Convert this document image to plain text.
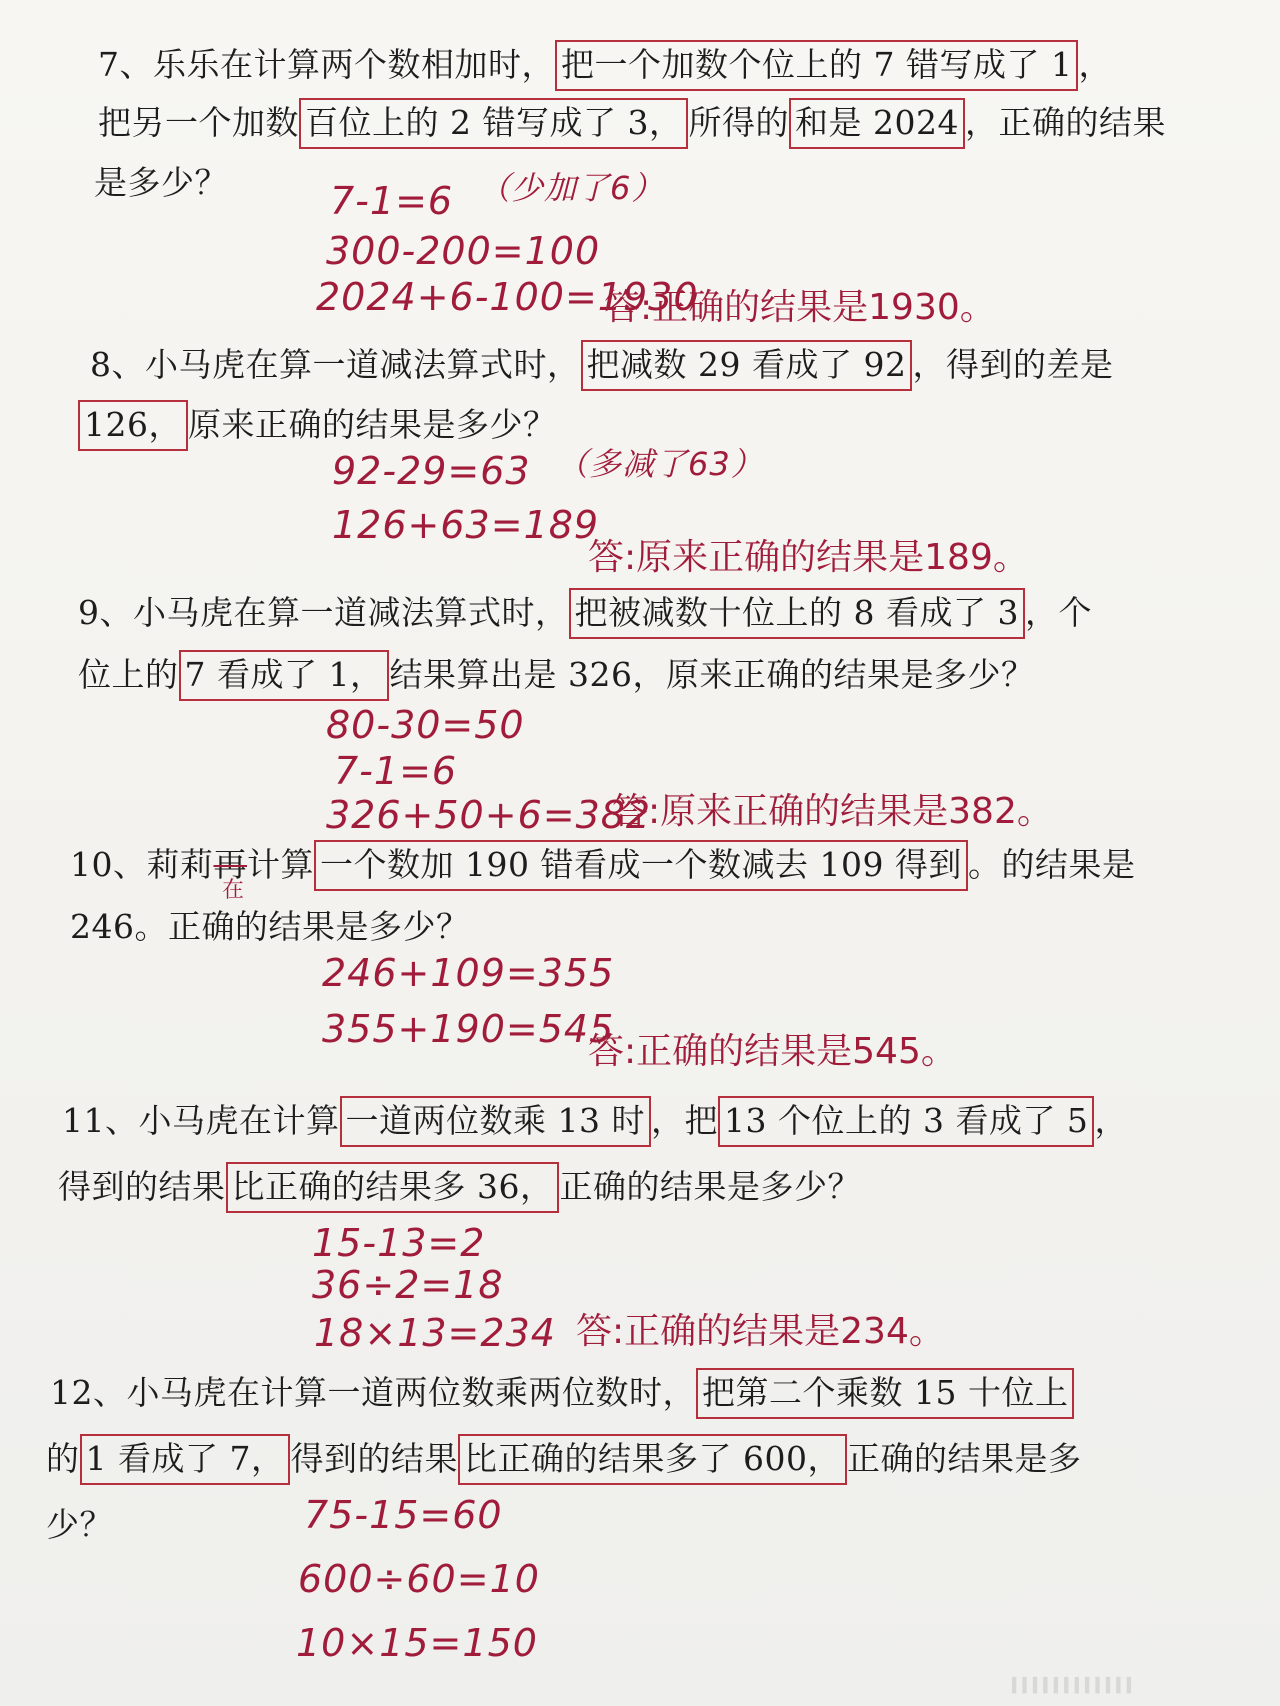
7、乐乐在计算两个数相加时， 把一个加数个位上的 7 错写成了 1 ，
把另一个加数 百位上的 2 错写成了 3， 所得的 和是 2024 ，正确的结果
是多少？	7-1=6 （少加了6）
300-200=100
2024+6-100=1930
答:正确的结果是1930。
8、小马虎在算一道减法算式时， 把减数 29 看成了 92 ，得到的差是
126， 原来正确的结果是多少？
92-29=63 （多减了63）
126+63=189
答:原来正确的结果是189。
9、小马虎在算一道减法算式时， 把被减数十位上的 8 看成了 3 ，个
位上的 7 看成了 1， 结果算出是 326，原来正确的结果是多少？
80-30=50
7-1=6
326+50+6=382
答:原来正确的结果是382。
10、莉莉再计算 一个数加 190 错看成一个数减去 109 得到 。的结果是
在
246。正确的结果是多少？
246+109=355
355+190=545
答:正确的结果是545。
11、小马虎在计算 一道两位数乘 13 时 ，把 13 个位上的 3 看成了 5 ，
得到的结果 比正确的结果多 36， 正确的结果是多少？
15-13=2
36÷2=18
18×13=234 答:正确的结果是234。
12、小马虎在计算一道两位数乘两位数时， 把第二个乘数 15 十位上
的 1 看成了 7， 得到的结果 比正确的结果多了 600， 正确的结果是多
少？	75-15=60
600÷60=10
10×15=150
▌▌▌▌▌▌▌▌▌▌▌▌
